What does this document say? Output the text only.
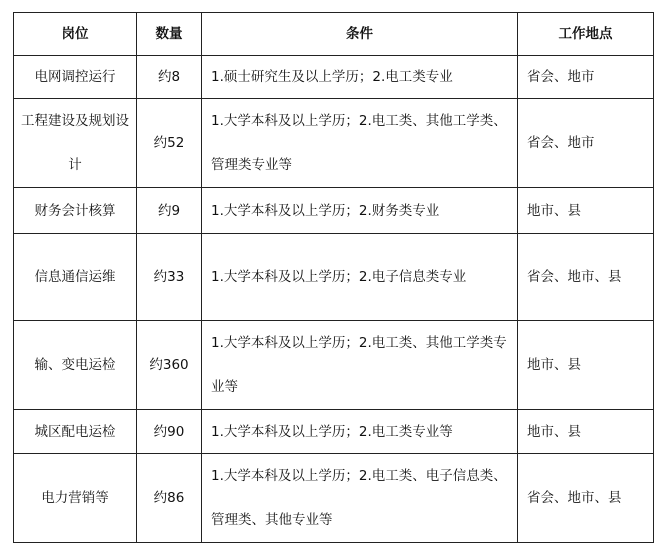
岗位	数量	条件	工作地点

电网调控运行	约8	1.硕士研究生及以上学历；2.电工类专业	省会、地市

工程建设及规划设计	约52	1.大学本科及以上学历；2.电工类、其他工学类、管理类专业等	省会、地市

财务会计核算	约9	1.大学本科及以上学历；2.财务类专业	地市、县

信息通信运维	约33	1.大学本科及以上学历；2.电子信息类专业	省会、地市、县

输、变电运检	约360	1.大学本科及以上学历；2.电工类、其他工学类专业等	地市、县

城区配电运检	约90	1.大学本科及以上学历；2.电工类专业等	地市、县

电力营销等	约86	1.大学本科及以上学历；2.电工类、电子信息类、管理类、其他专业等	省会、地市、县
